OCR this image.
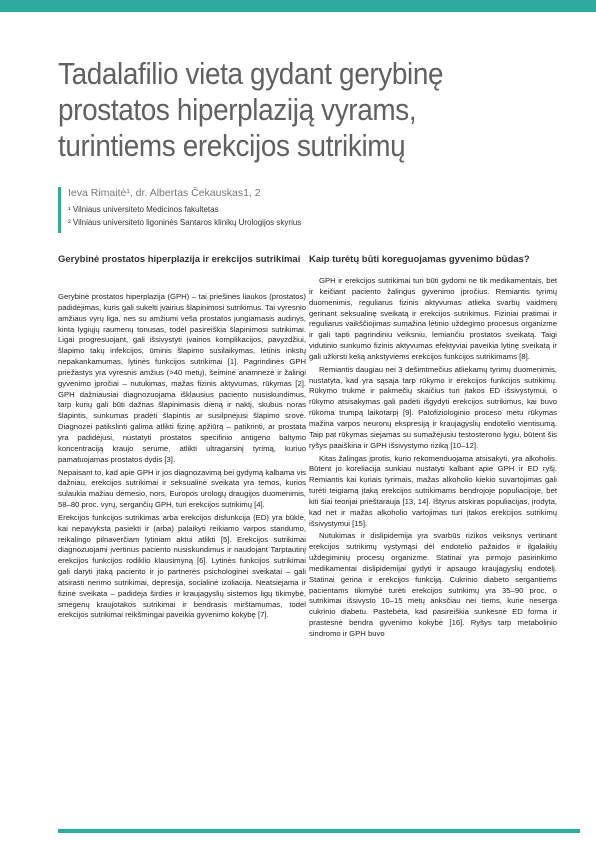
Tadalafilio vieta gydant gerybinę
prostatos hiperplaziją vyrams,
turintiems erekcijos sutrikimų
Ieva Rimaitė¹, dr. Albertas Čekauskas1, 2
¹ Vilniaus universiteto Medicinos fakultetas
² Vilniaus universiteto ligoninės Santaros klinikų Urologijos skyrius
Gerybinė prostatos hiperplazija ir erekcijos sutrikimai

Gerybinė prostatos hiperplazija (GPH) – tai priešinės liaukos (prostatos) padidėjimas, kuris gali sukelti įvairius šlapinimosi sutrikimus. Tai vyresnio amžiaus vyrų liga, nes su amžiumi veša prostatos jungiamasis audinys, kinta lygiųjų raumenų tonusas, todėl pasireiškia šlapinimosi sutrikimai. Ligai progresuojant, gali išsivystyti įvairios komplikacijos, pavyzdžiui, šlapimo takų infekcijos, ūminis šlapimo susilaikymas, lėtinis inkstų nepakankamumas, lytinės funkcijos sutrikimai [1]. Pagrindinės GPH priežastys yra vyresnis amžius (>40 metų), šeiminė anamnezė ir žalingi gyvenimo įpročiai – nutukimas, mažas fizinis aktyvumas, rūkymas [2]. GPH dažniausiai diagnozuojama išklausius paciento nusiskundimus, tarp kurių gali būti dažnas šlapinimasis dieną ir naktį, skubus noras šlapintis, sunkumas pradėti šlapintis ar susilpnėjusi šlapimo srovė. Diagnozei patikslinti galima atlikti fizinę apžiūrą – patikrinti, ar prostata yra padidėjusi, nustatyti prostatos specifinio antigeno baltymo koncentraciją kraujo serume, atlikti ultragarsinį tyrimą, kuriuo pamatuojamas prostatos dydis [3].

Nepaisant to, kad apie GPH ir jos diagnozavimą bei gydymą kalbama vis dažniau, erekcijos sutrikimai ir seksualinė sveikata yra temos, kurios sulaukia mažiau dėmesio, nors, Europos urologų draugijos duomenimis, 58–80 proc. vyrų, sergančių GPH, turi erekcijos sutrikimų [4].

Erekcijos funkcijos sutrikimas arba erekcijos disfunkcija (ED) yra būklė, kai nepavyksta pasiekti ir (arba) palaikyti reikiamo varpos standumo, reikalingo pilnaverčiam lytiniam aktui atlikti [5]. Erekcijos sutrikimai diagnozuojami įvertinus paciento nusiskundimus ir naudojant Tarptautinį erekcijos funkcijos rodiklio klausimyną [6]. Lytinės funkcijos sutrikimai gali daryti įtaką paciento ir jo partnerės psichologinei sveikatai – gali atsirasti nerimo sutrikimai, depresija, socialinė izoliacija. Neatsiejama ir fizinė sveikata – padidėja širdies ir kraujagyslių sistemos ligų tikimybė, smegenų kraujotakos sutrikimai ir bendrasis mirštamumas, todėl erekcijos sutrikimai reikšmingai paveikia gyvenimo kokybę [7].

Kaip turėtų būti koreguojamas gyvenimo būdas?

GPH ir erekcijos sutrikimai turi būti gydomi ne tik medikamentais, bet ir keičiant paciento žalingus gyvenimo įpročius. Remiantis tyrimų duomenimis, reguliarus fizinis aktyvumas atlieka svarbų vaidmenį gerinant seksualinę sveikatą ir erekcijos sutrikimus. Fiziniai pratimai ir reguliarus vaikščiojimas sumažina lėtinio uždegimo procesus organizme ir gali tapti pagrindiniu veiksniu, lemiančiu prostatos sveikatą. Taigi vidutinio sunkumo fizinis aktyvumas efektyviai paveikia lytinę sveikatą ir gali užkirsti kelią ankstyviems erekcijos funkcijos sutrikimams [8].

Remiantis daugiau nei 3 dešimtmečius atliekamų tyrimų duomenimis, nustatyta, kad yra sąsaja tarp rūkymo ir erekcijos funkcijos sutrikimų. Rūkymo trukmė ir pakmečių skaičius turi įtakos ED išsivystymui, o rūkymo atsisakymas gali padėti išgydyti erekcijos sutrikimus, kai buvo rūkoma trumpą laikotarpį [9]. Patofiziologinio proceso metu rūkymas mažina varpos neuronų ekspresiją ir kraujagyslių endotelio vientisumą. Taip pat rūkymas siejamas su sumažėjusiu testosterono lygiu, būtent šis ryšys paaiškina ir GPH išsivystymo riziką [10–12].

Kitas žalingas įprotis, kurio rekomenduojama atsisakyti, yra alkoholis. Būtent jo koreliacija sunkiau nustatyti kalbant apie GPH ir ED ryšį. Remiantis kai kuriais tyrimais, mažas alkoholio kiekio suvartojimas gali turėti teigiamą įtaką erekcijos sutrikimams bendrojoje populiacijoje, bet kiti šiai teorijai prieštarauja [13, 14]. Ištyrus atskiras populiacijas, įrodyta, kad net ir mažas alkoholio vartojimas turi įtakos erekcijos sutrikimų išsivystymui [15].

Nutukimas ir dislipidemija yra svarbūs rizikos veiksnys vertinant erekcijos sutrikimų vystymąsi dėl endotelio pažaidos ir ilgalaikių uždegiminių procesų organizme. Statinai yra pirmojo pasirinkimo medikamentai dislipidemijai gydyti ir apsaugo kraujagyslių endotelį. Statinai gerina ir erekcijos funkciją. Cukrinio diabeto sergantiems pacientams tikimybė turėti erekcijos sutrikimų yra 35–90 proc, o sutrikimai išsivysto 10–15 metų anksčiau nei tiems, kurie neserga cukrinio diabetu. Pastebėta, kad pasireiškia sunkesnė ED forma ir prastesnė bendra gyvenimo kokybė [16]. Ryšys tarp metabolinio sindromo ir GPH buvo
